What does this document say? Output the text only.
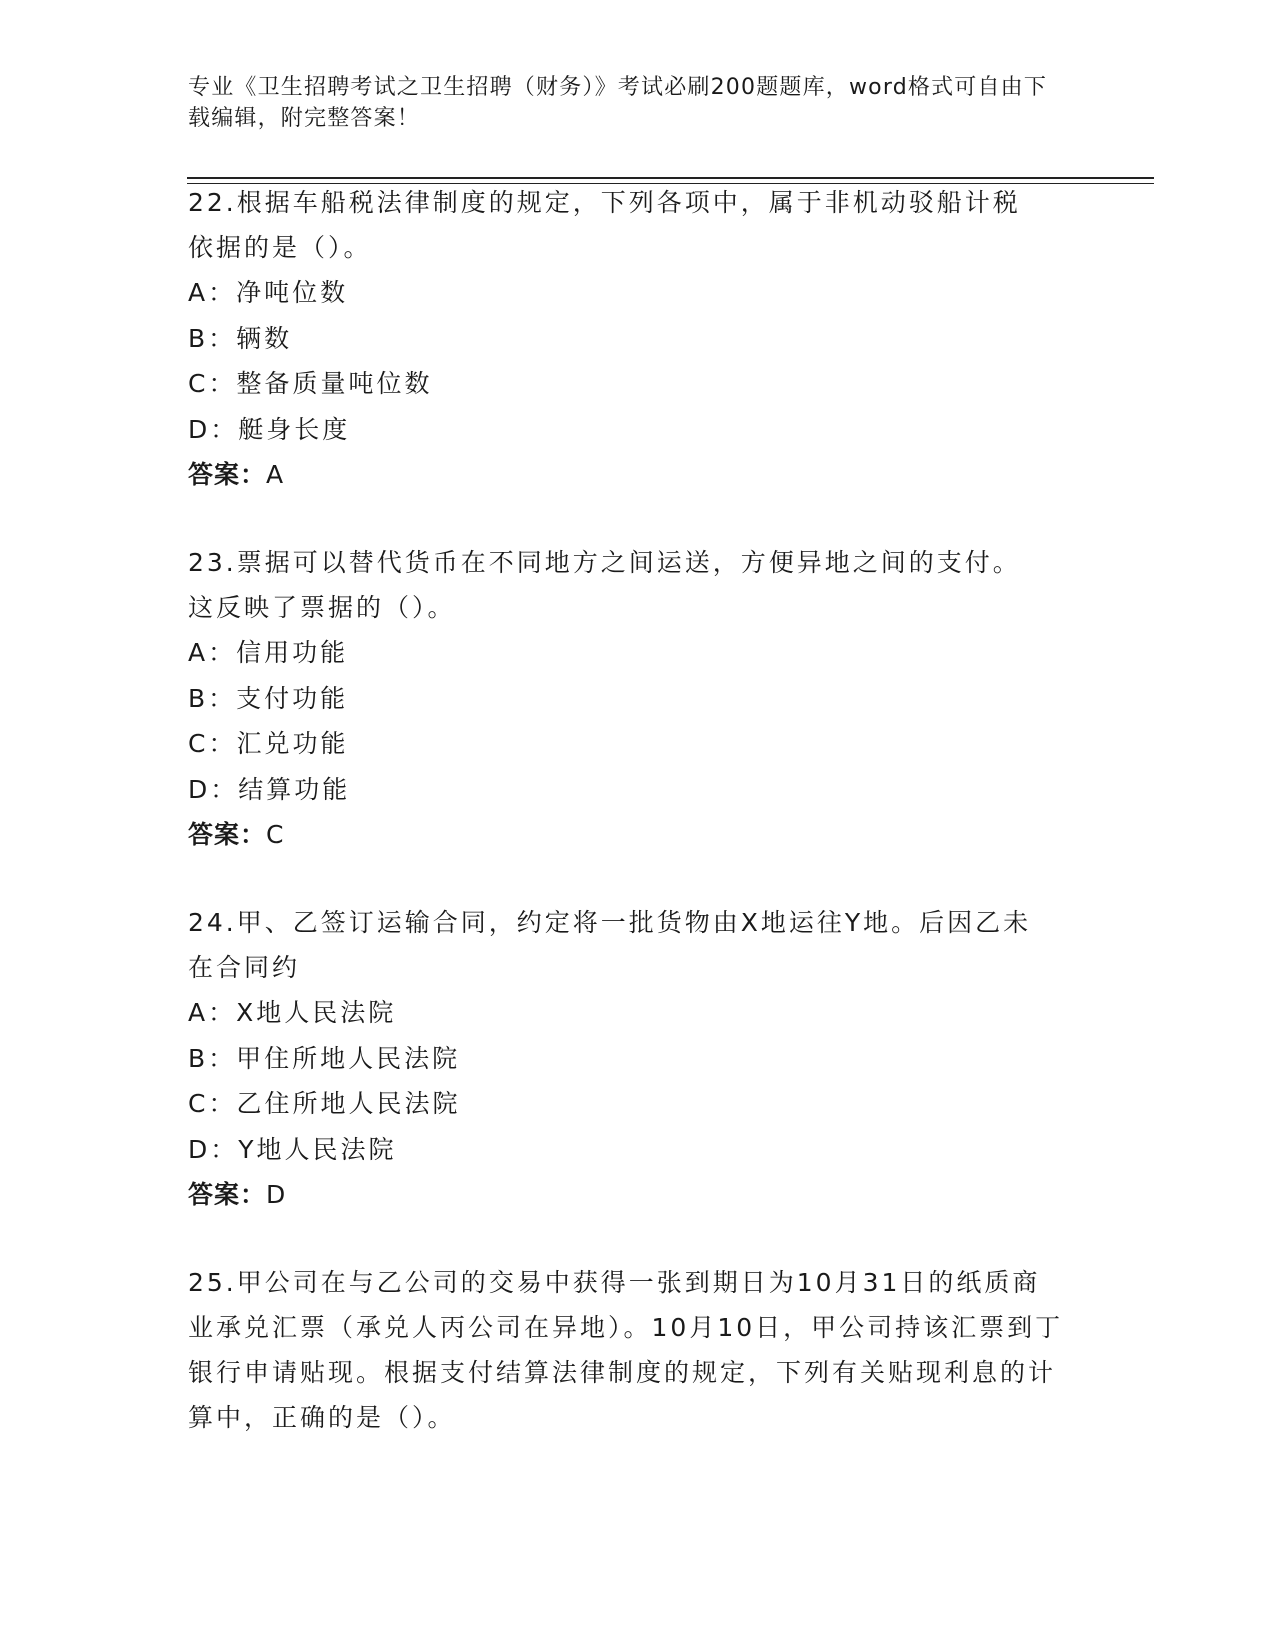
专业《卫生招聘考试之卫生招聘（财务）》考试必刷200题题库，word格式可自由下载编辑，附完整答案！

22.根据车船税法律制度的规定，下列各项中，属于非机动驳船计税依据的是（）。

A：净吨位数

B：辆数

C：整备质量吨位数

D：艇身长度

答案：A

23.票据可以替代货币在不同地方之间运送，方便异地之间的支付。这反映了票据的（）。

A：信用功能

B：支付功能

C：汇兑功能

D：结算功能

答案：C

24.甲、乙签订运输合同，约定将一批货物由X地运往Y地。后因乙未在合同约

A：X地人民法院

B：甲住所地人民法院

C：乙住所地人民法院

D：Y地人民法院

答案：D

25.甲公司在与乙公司的交易中获得一张到期日为10月31日的纸质商业承兑汇票（承兑人丙公司在异地）。10月10日，甲公司持该汇票到丁银行申请贴现。根据支付结算法律制度的规定，下列有关贴现利息的计算中，正确的是（）。
